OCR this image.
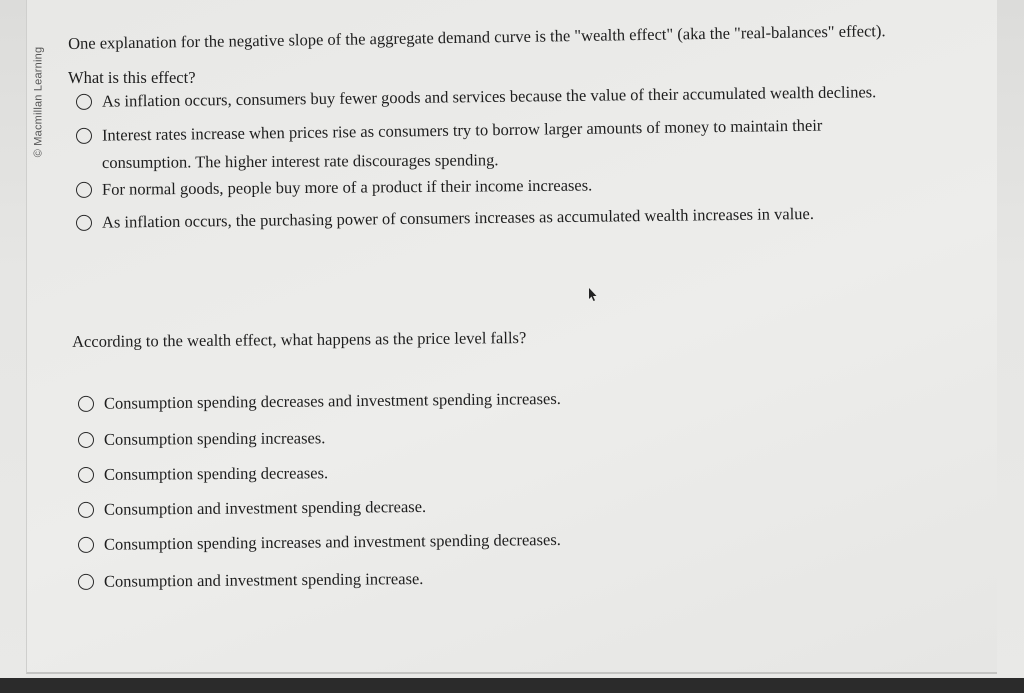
© Macmillan Learning

One explanation for the negative slope of the aggregate demand curve is the "wealth effect" (aka the "real-balances" effect).

What is this effect?

As inflation occurs, consumers buy fewer goods and services because the value of their accumulated wealth declines.
Interest rates increase when prices rise as consumers try to borrow larger amounts of money to maintain their
consumption. The higher interest rate discourages spending.
For normal goods, people buy more of a product if their income increases.
As inflation occurs, the purchasing power of consumers increases as accumulated wealth increases in value.

According to the wealth effect, what happens as the price level falls?

Consumption spending decreases and investment spending increases.
Consumption spending increases.
Consumption spending decreases.
Consumption and investment spending decrease.
Consumption spending increases and investment spending decreases.
Consumption and investment spending increase.
